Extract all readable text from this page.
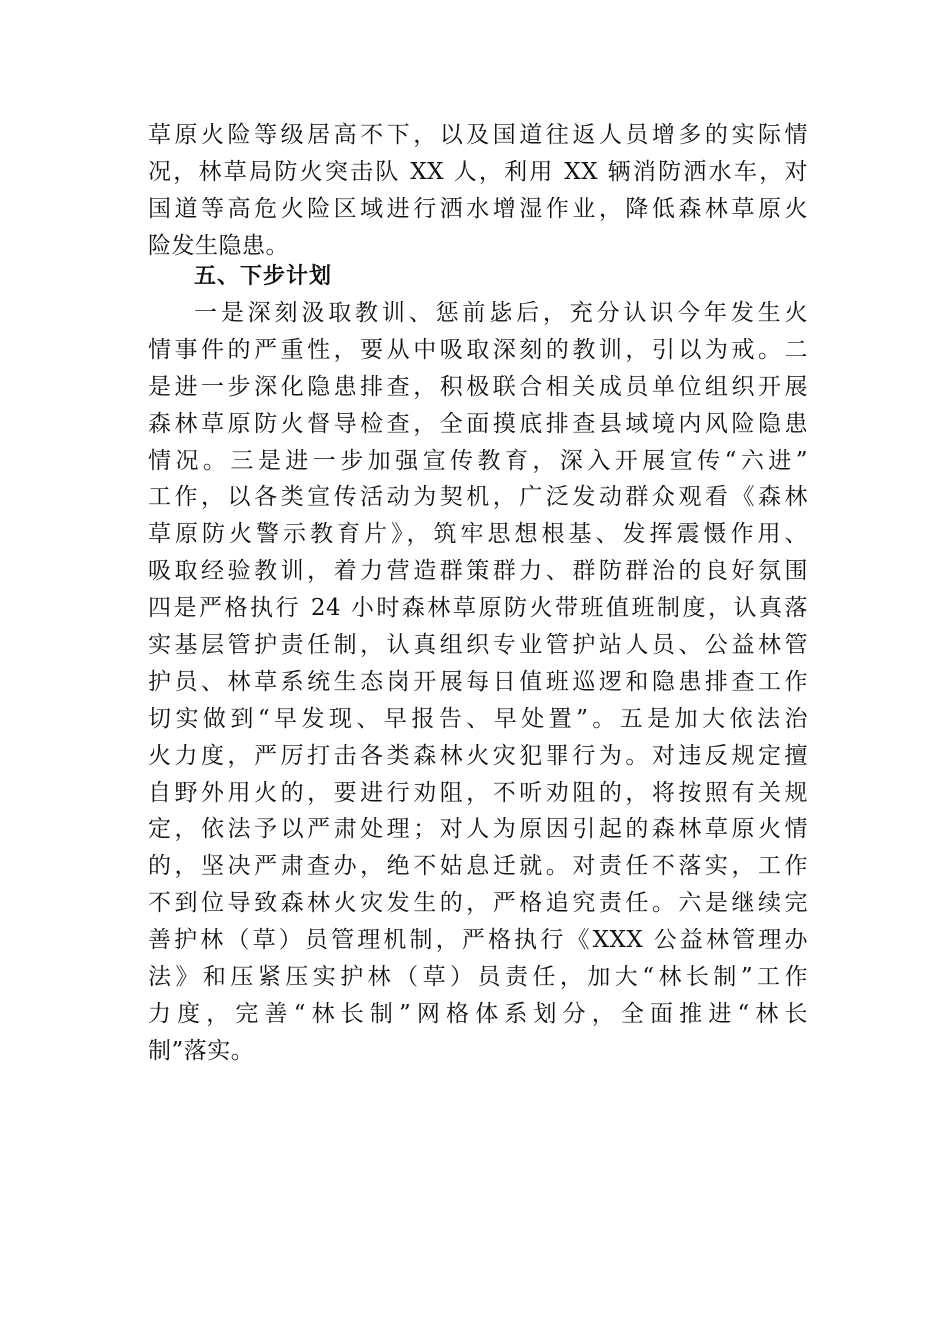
草原火险等级居高不下，以及国道往返人员增多的实际情
况，林草局防火突击队 XX 人，利用 XX 辆消防洒水车，对
国道等高危火险区域进行洒水增湿作业，降低森林草原火
险发生隐患。
五、下步计划
一是深刻汲取教训、惩前毖后，充分认识今年发生火
情事件的严重性，要从中吸取深刻的教训，引以为戒。二
是进一步深化隐患排查，积极联合相关成员单位组织开展
森林草原防火督导检查，全面摸底排查县域境内风险隐患
情况。三是进一步加强宣传教育，深入开展宣传“六进”
工作，以各类宣传活动为契机，广泛发动群众观看《森林
草原防火警示教育片》，筑牢思想根基、发挥震慑作用、
吸取经验教训，着力营造群策群力、群防群治的良好氛围
四是严格执行 24 小时森林草原防火带班值班制度，认真落
实基层管护责任制，认真组织专业管护站人员、公益林管
护员、林草系统生态岗开展每日值班巡逻和隐患排查工作
切实做到“早发现、早报告、早处置”。五是加大依法治
火力度，严厉打击各类森林火灾犯罪行为。对违反规定擅
自野外用火的，要进行劝阻，不听劝阻的，将按照有关规
定，依法予以严肃处理；对人为原因引起的森林草原火情
的，坚决严肃查办，绝不姑息迁就。对责任不落实，工作
不到位导致森林火灾发生的，严格追究责任。六是继续完
善护林（草）员管理机制，严格执行《XXX 公益林管理办
法》和压紧压实护林（草）员责任，加大“林长制”工作
力度，完善“林长制”网格体系划分，全面推进“林长
制”落实。
